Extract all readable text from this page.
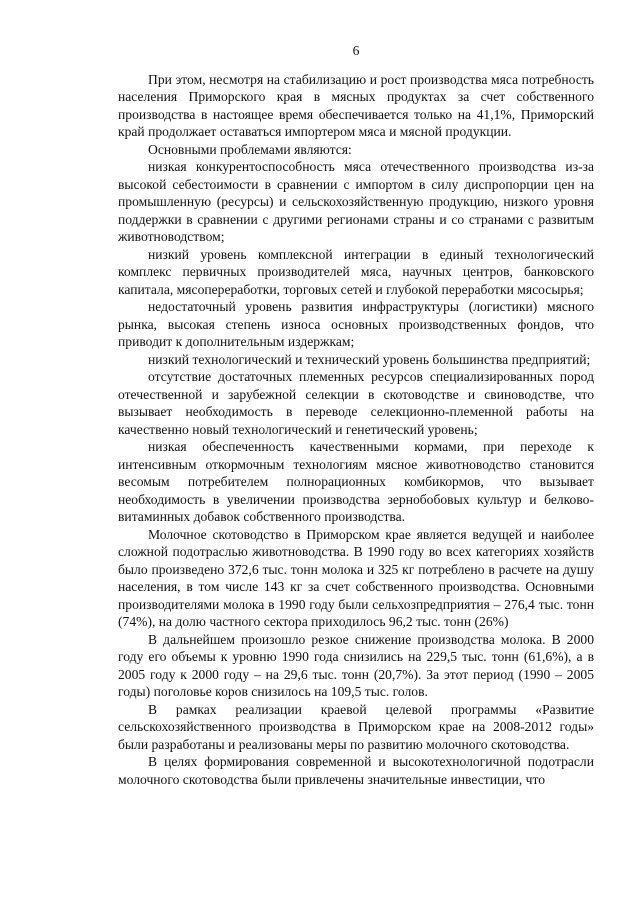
6

При этом, несмотря на стабилизацию и рост производства мяса потребность населения Приморского края в мясных продуктах за счет собственного производства в настоящее время обеспечивается только на 41,1%, Приморский край продолжает оставаться импортером мяса и мясной продукции.

Основными проблемами являются:

низкая конкурентоспособность мяса отечественного производства из-за высокой себестоимости в сравнении с импортом в силу диспропорции цен на промышленную (ресурсы) и сельскохозяйственную продукцию, низкого уровня поддержки в сравнении с другими регионами страны и со странами с развитым животноводством;

низкий уровень комплексной интеграции в единый технологический комплекс первичных производителей мяса, научных центров, банковского капитала, мясопереработки, торговых сетей и глубокой переработки мясосырья;

недостаточный уровень развития инфраструктуры (логистики) мясного рынка, высокая степень износа основных производственных фондов, что приводит к дополнительным издержкам;

низкий технологический и технический уровень большинства предприятий;

отсутствие достаточных племенных ресурсов специализированных пород отечественной и зарубежной селекции в скотоводстве и свиноводстве, что вызывает необходимость в переводе селекционно-племенной работы на качественно новый технологический и генетический уровень;

низкая обеспеченность качественными кормами, при переходе к интенсивным откормочным технологиям мясное животноводство становится весомым потребителем полнорационных комбикормов, что вызывает необходимость в увеличении производства зернобобовых культур и белково-витаминных добавок собственного производства.

Молочное скотоводство в Приморском крае является ведущей и наиболее сложной подотраслью животноводства. В 1990 году во всех категориях хозяйств было произведено 372,6 тыс. тонн молока и 325 кг потреблено в расчете на душу населения, в том числе 143 кг за счет собственного производства. Основными производителями молока в 1990 году были сельхозпредприятия – 276,4 тыс. тонн (74%), на долю частного сектора приходилось 96,2 тыс. тонн (26%)

В дальнейшем произошло резкое снижение производства молока. В 2000 году его объемы к уровню 1990 года снизились на 229,5 тыс. тонн (61,6%), а в 2005 году к 2000 году – на 29,6 тыс. тонн (20,7%). За этот период (1990 – 2005 годы) поголовье коров снизилось на 109,5 тыс. голов.

В рамках реализации краевой целевой программы «Развитие сельскохозяйственного производства в Приморском крае на 2008-2012 годы» были разработаны и реализованы меры по развитию молочного скотоводства.

В целях формирования современной и высокотехнологичной подотрасли молочного скотоводства были привлечены значительные инвестиции, что
